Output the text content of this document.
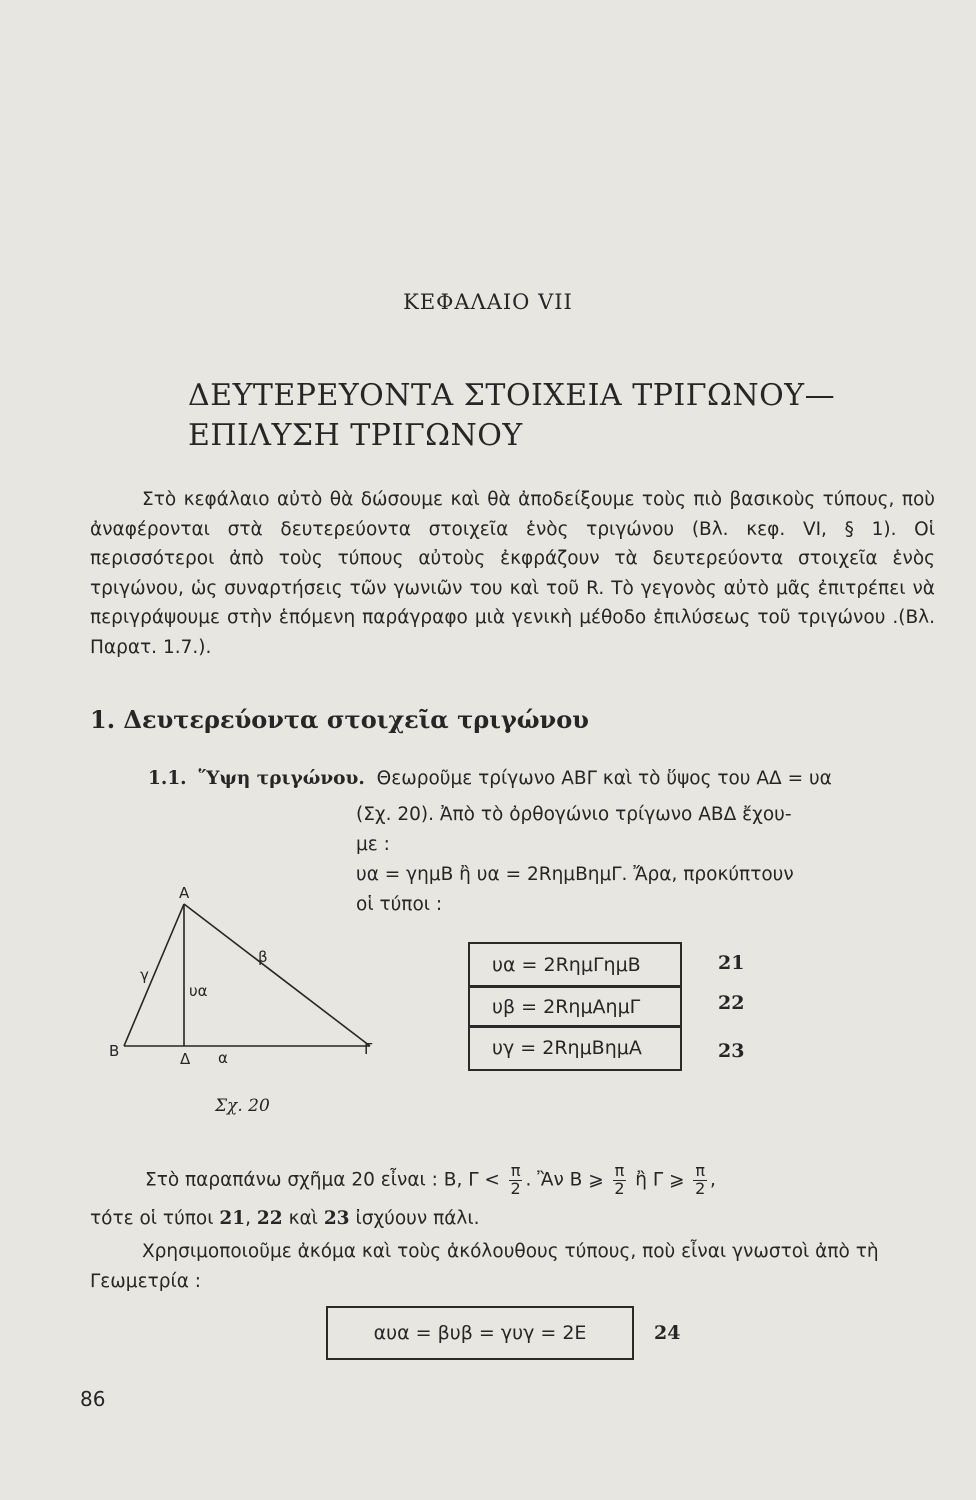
ΚΕΦΑΛΑΙΟ VII
ΔΕΥΤΕΡΕΥΟΝΤΑ ΣΤΟΙΧΕΙΑ ΤΡΙΓΩΝΟΥ—
ΕΠΙΛΥΣΗ ΤΡΙΓΩΝΟΥ
Στὸ κεφάλαιο αὐτὸ θὰ δώσουμε καὶ θὰ ἀποδείξουμε τοὺς πιὸ βασικοὺς τύπους, ποὺ ἀναφέρονται στὰ δευτερεύοντα στοιχεῖα ἑνὸς τριγώνου (Βλ. κεφ. VI, § 1). Οἱ περισσότεροι ἀπὸ τοὺς τύπους αὐτοὺς ἐκφράζουν τὰ δευτερεύοντα στοιχεῖα ἑνὸς τριγώνου, ὡς συναρτήσεις τῶν γωνιῶν του καὶ τοῦ R. Τὸ γεγονὸς αὐτὸ μᾶς ἐπιτρέπει νὰ περιγράψουμε στὴν ἑπόμενη παράγραφο μιὰ γενικὴ μέθοδο ἐπιλύσεως τοῦ τριγώνου .(Βλ. Παρατ. 1.7.).
1. Δευτερεύοντα στοιχεῖα τριγώνου
1.1. Ὕψη τριγώνου. Θεωροῦμε τρίγωνο ΑΒΓ καὶ τὸ ὕψος του ΑΔ = υα
(Σχ. 20). Ἀπὸ τὸ ὀρθογώνιο τρίγωνο ΑΒΔ ἔχου-
με :
υα = γημΒ ἢ υα = 2RημΒημΓ. Ἄρα, προκύπτουν
οἱ τύποι :
Α
Β	Γ
Δ
β
γ
α
υα
Σχ. 20
υα = 2RημΓημΒ	21
υβ = 2RημΑημΓ	22
υγ = 2RημΒημΑ	23
Στὸ παραπάνω σχῆμα 20 εἶναι : Β, $\Gamma < \frac{\pi}{2}$ . Ἂν Β ⩾ $\frac{\pi}{2}$ ἢ Γ ⩾ $\frac{\pi}{2}$ ,
τότε οἱ τύποι 21, 22 καὶ 23 ἰσχύουν πάλι.
Χρησιμοποιοῦμε ἀκόμα καὶ τοὺς ἀκόλουθους τύπους, ποὺ εἶναι γνωστοὶ ἀπὸ τὴ Γεωμετρία :
αυα = βυβ = γυγ = 2Ε	24
86
